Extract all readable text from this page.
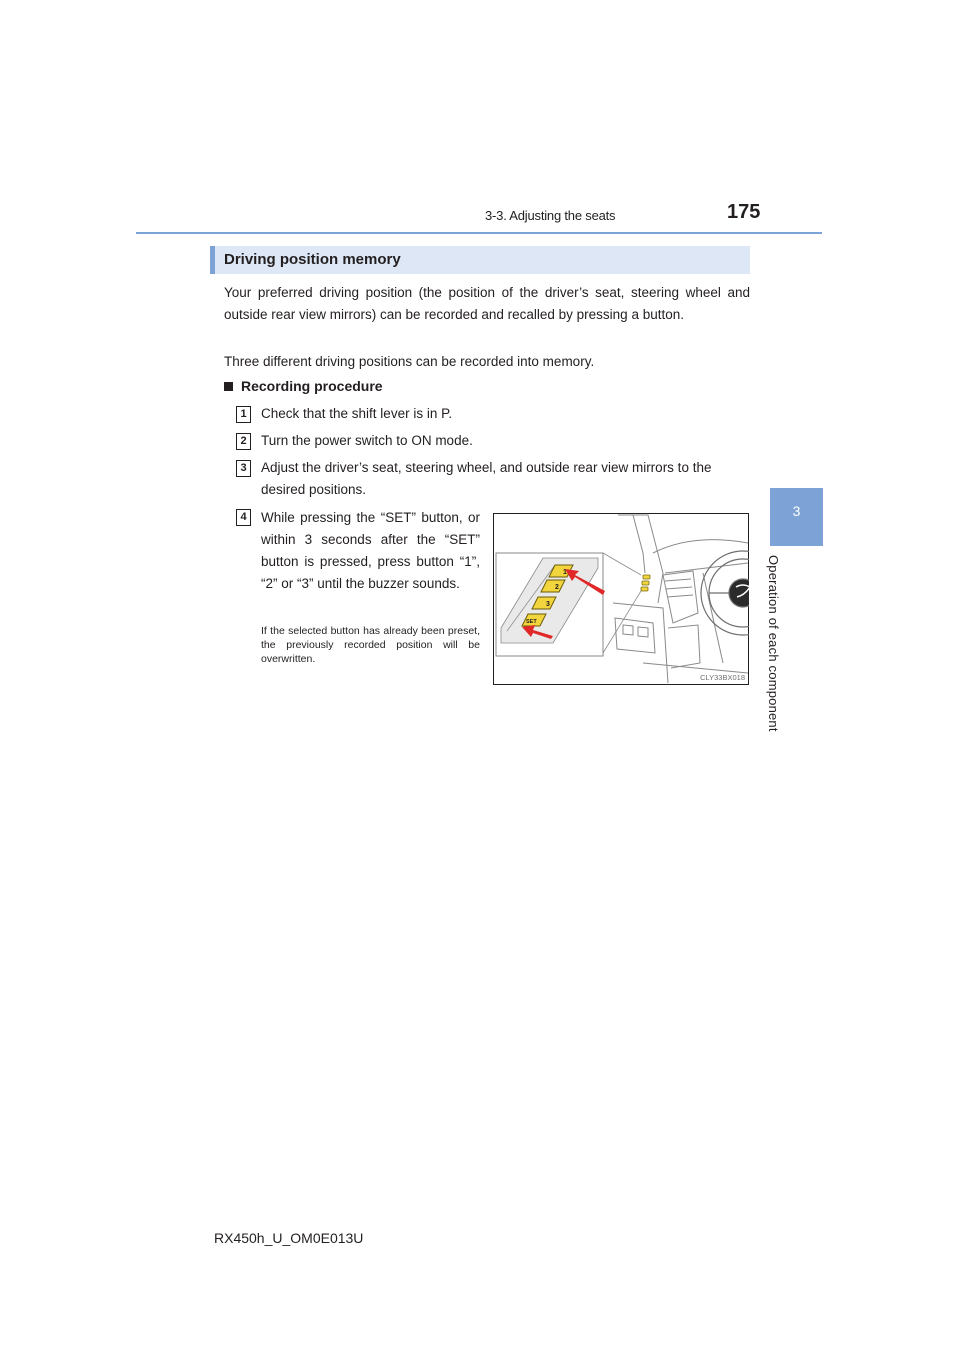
3-3. Adjusting the seats	175
3
Operation of each component
Driving position memory
Your preferred driving position (the position of the driver’s seat, steering wheel and outside rear view mirrors) can be recorded and recalled by pressing a button.
Three different driving positions can be recorded into memory.
Recording procedure
1	Check that the shift lever is in P.
2	Turn the power switch to ON mode.
3	Adjust the driver’s seat, steering wheel, and outside rear view mirrors to the desired positions.
4	While pressing the “SET” button, or within 3 seconds after the “SET” button is pressed, press button “1”, “2” or “3” until the buzzer sounds.
If the selected button has already been preset, the previously recorded position will be overwritten.
1
2
3
SET
CLY33BX018
RX450h_U_OM0E013U
